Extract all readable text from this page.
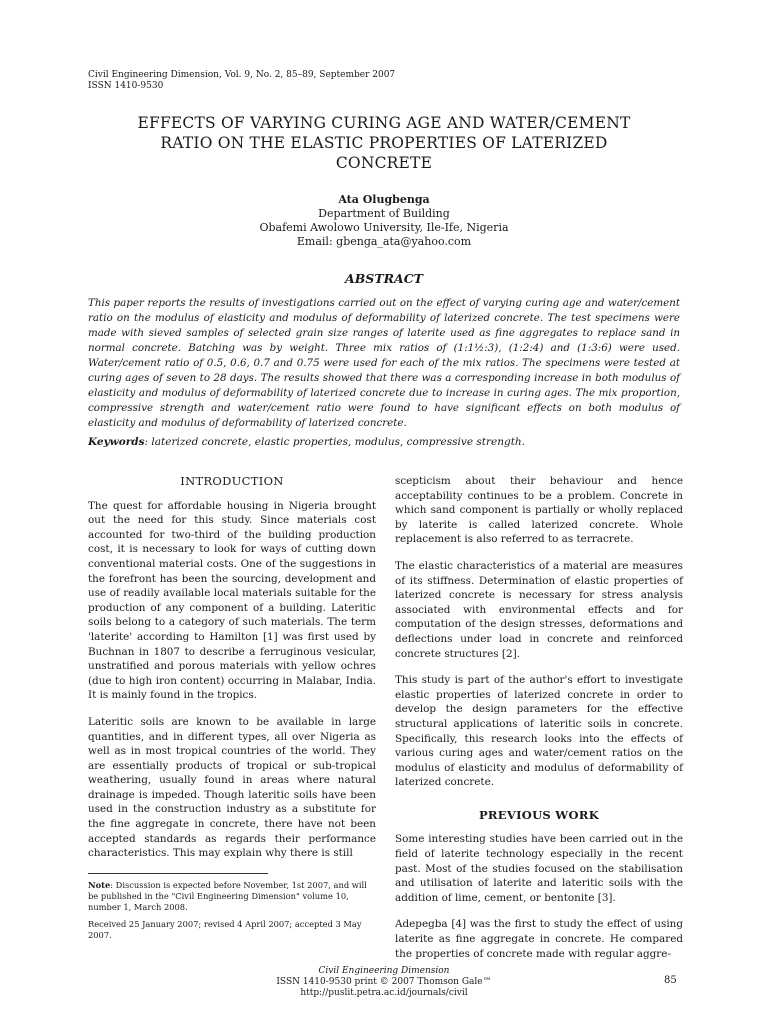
Civil Engineering Dimension, Vol. 9, No. 2, 85–89, September 2007
ISSN 1410-9530
EFFECTS OF VARYING CURING AGE AND WATER/CEMENT
RATIO ON THE ELASTIC PROPERTIES OF LATERIZED
CONCRETE
Ata Olugbenga
Department of Building
Obafemi Awolowo University, Ile-Ife, Nigeria
Email: gbenga_ata@yahoo.com
ABSTRACT
This paper reports the results of investigations carried out on the effect of varying curing age and water/cement ratio on the modulus of elasticity and modulus of deformability of laterized concrete. The test specimens were made with sieved samples of selected grain size ranges of laterite used as fine aggregates to replace sand in normal concrete. Batching was by weight. Three mix ratios of (1:1½:3), (1:2:4) and (1:3:6) were used. Water/cement ratio of 0.5, 0.6, 0.7 and 0.75 were used for each of the mix ratios. The specimens were tested at curing ages of seven to 28 days. The results showed that there was a corresponding increase in both modulus of elasticity and modulus of deformability of laterized concrete due to increase in curing ages. The mix proportion, compressive strength and water/cement ratio were found to have significant effects on both modulus of elasticity and modulus of deformability of laterized concrete.
Keywords: laterized concrete, elastic properties, modulus, compressive strength.
INTRODUCTION

The quest for affordable housing in Nigeria brought out the need for this study. Since materials cost accounted for two-third of the building production cost, it is necessary to look for ways of cutting down conventional material costs. One of the suggestions in the forefront has been the sourcing, development and use of readily available local materials suitable for the production of any component of a building. Lateritic soils belong to a category of such materials. The term 'laterite' according to Hamilton [1] was first used by Buchnan in 1807 to describe a ferruginous vesicular, unstratified and porous materials with yellow ochres (due to high iron content) occurring in Malabar, India. It is mainly found in the tropics.

Lateritic soils are known to be available in large quantities, and in different types, all over Nigeria as well as in most tropical countries of the world. They are essentially products of tropical or sub-tropical weathering, usually found in areas where natural drainage is impeded. Though lateritic soils have been used in the construction industry as a substitute for the fine aggregate in concrete, there have not been accepted standards as regards their performance characteristics. This may explain why there is still

scepticism about their behaviour and hence acceptability continues to be a problem. Concrete in which sand component is partially or wholly replaced by laterite is called laterized concrete. Whole replacement is also referred to as terracrete.

The elastic characteristics of a material are measures of its stiffness. Determination of elastic properties of laterized concrete is necessary for stress analysis associated with environmental effects and for computation of the design stresses, deformations and deflections under load in concrete and reinforced concrete structures [2].

This study is part of the author's effort to investigate elastic properties of laterized concrete in order to develop the design parameters for the effective structural applications of lateritic soils in concrete. Specifically, this research looks into the effects of various curing ages and water/cement ratios on the modulus of elasticity and modulus of deformability of laterized concrete.

PREVIOUS WORK

Some interesting studies have been carried out in the field of laterite technology especially in the recent past. Most of the studies focused on the stabilisation and utilisation of laterite and lateritic soils with the addition of lime, cement, or bentonite [3].

Adepegba [4] was the first to study the effect of using laterite as fine aggregate in concrete. He compared the properties of concrete made with regular aggre-

Note: Discussion is expected before November, 1st 2007, and will be published in the "Civil Engineering Dimension" volume 10, number 1, March 2008.

Received 25 January 2007; revised 4 April 2007; accepted 3 May 2007.

Civil Engineering Dimension
ISSN 1410-9530 print © 2007 Thomson Gale™
http://puslit.petra.ac.id/journals/civil
85
